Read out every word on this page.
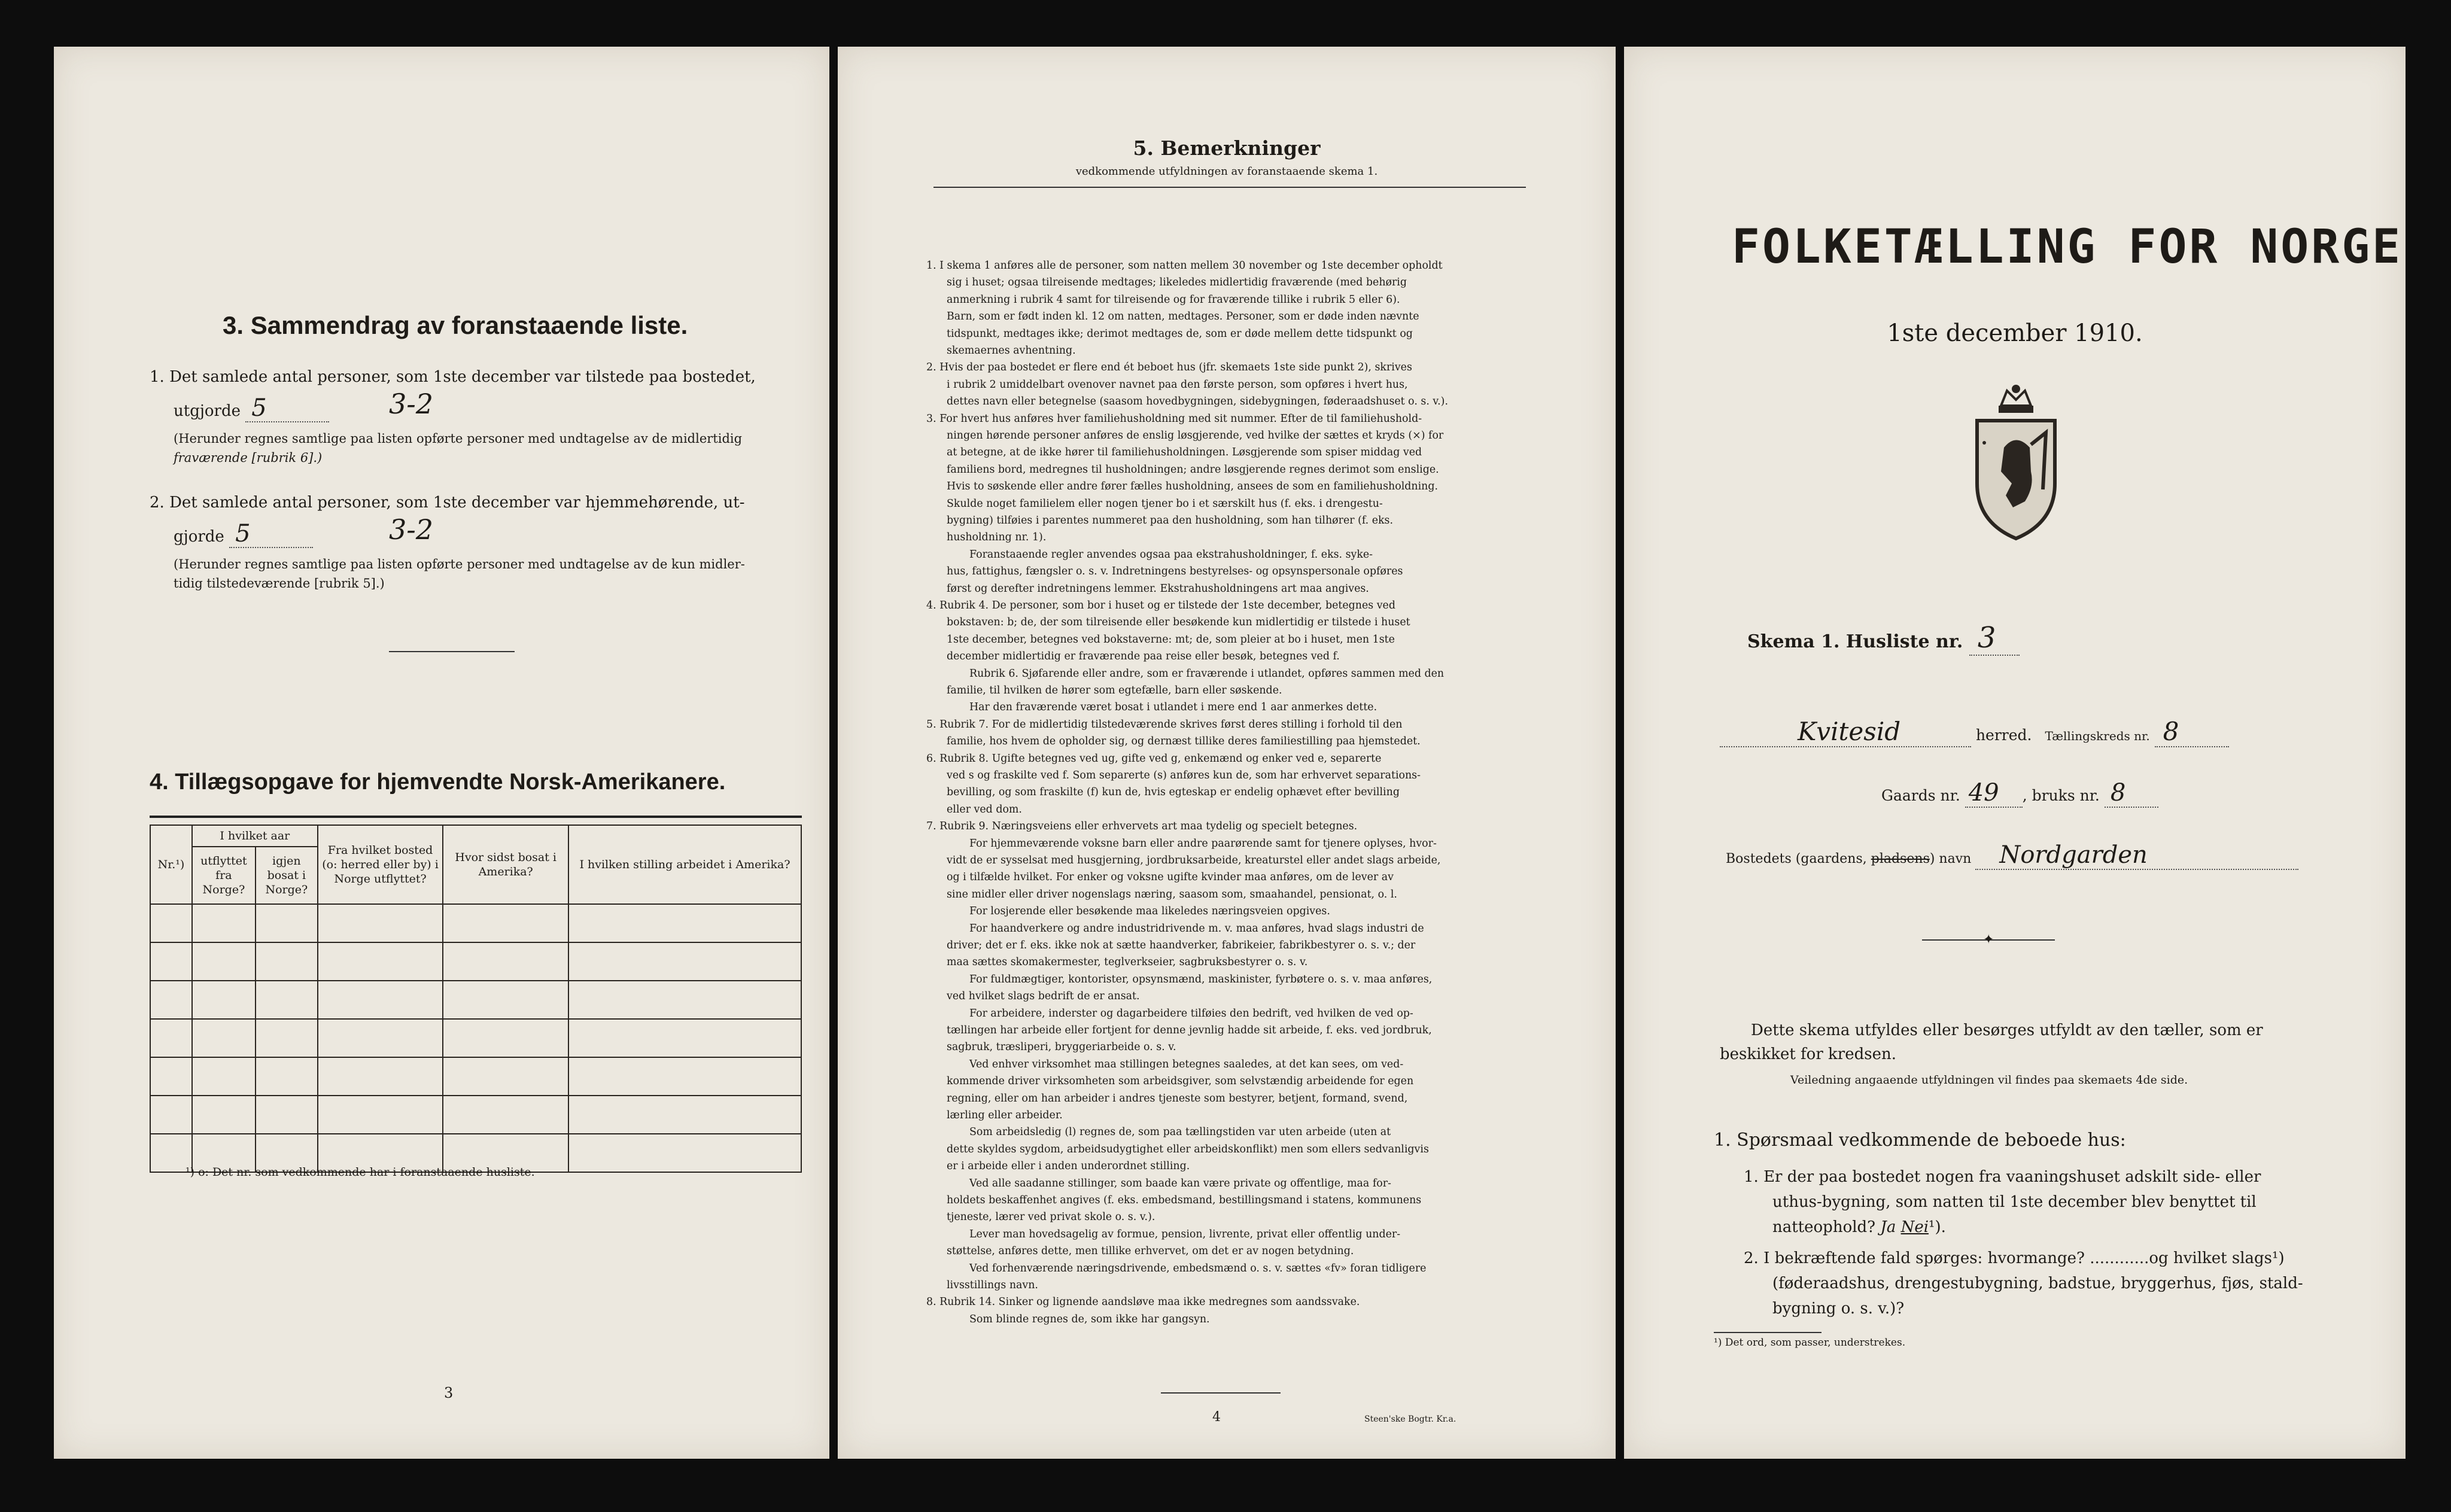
3. Sammendrag av foranstaaende liste.
1. Det samlede antal personer, som 1ste december var tilstede paa bostedet,
utgjorde 5	3-2
(Herunder regnes samtlige paa listen opførte personer med undtagelse av de midlertidig
fraværende [rubrik 6].)
2. Det samlede antal personer, som 1ste december var hjemmehørende, ut-
gjorde 5	3-2
(Herunder regnes samtlige paa listen opførte personer med undtagelse av de kun midler-
tidig tilstedeværende [rubrik 5].)
4. Tillægsopgave for hjemvendte Norsk-Amerikanere.
Nr.¹)	I hvilket aar		Fra hvilket bosted (o: herred eller by) i Norge utflyttet?	Hvor sidst bosat i Amerika?	I hvilken stilling arbeidet i Amerika?
	utflyttet fra Norge?	igjen bosat i Norge?			

¹) o: Det nr. som vedkommende har i foranstaaende husliste.
3
5. Bemerkninger
vedkommende utfyldningen av foranstaaende skema 1.
1. I skema 1 anføres alle de personer, som natten mellem 30 november og 1ste december opholdt
sig i huset; ogsaa tilreisende medtages; likeledes midlertidig fraværende (med behørig
anmerkning i rubrik 4 samt for tilreisende og for fraværende tillike i rubrik 5 eller 6).
Barn, som er født inden kl. 12 om natten, medtages. Personer, som er døde inden nævnte
tidspunkt, medtages ikke; derimot medtages de, som er døde mellem dette tidspunkt og
skemaernes avhentning.
2. Hvis der paa bostedet er flere end ét beboet hus (jfr. skemaets 1ste side punkt 2), skrives
i rubrik 2 umiddelbart ovenover navnet paa den første person, som opføres i hvert hus,
dettes navn eller betegnelse (saasom hovedbygningen, sidebygningen, føderaadshuset o. s. v.).
3. For hvert hus anføres hver familiehusholdning med sit nummer. Efter de til familiehushold-
ningen hørende personer anføres de enslig løsgjerende, ved hvilke der sættes et kryds (×) for
at betegne, at de ikke hører til familiehusholdningen. Løsgjerende som spiser middag ved
familiens bord, medregnes til husholdningen; andre løsgjerende regnes derimot som enslige.
Hvis to søskende eller andre fører fælles husholdning, ansees de som en familiehusholdning.
Skulde noget familielem eller nogen tjener bo i et særskilt hus (f. eks. i drengestu-
bygning) tilføies i parentes nummeret paa den husholdning, som han tilhører (f. eks.
husholdning nr. 1).
Foranstaaende regler anvendes ogsaa paa ekstrahusholdninger, f. eks. syke-
hus, fattighus, fængsler o. s. v. Indretningens bestyrelses- og opsynspersonale opføres
først og derefter indretningens lemmer. Ekstrahusholdningens art maa angives.
4. Rubrik 4. De personer, som bor i huset og er tilstede der 1ste december, betegnes ved
bokstaven: b; de, der som tilreisende eller besøkende kun midlertidig er tilstede i huset
1ste december, betegnes ved bokstaverne: mt; de, som pleier at bo i huset, men 1ste
december midlertidig er fraværende paa reise eller besøk, betegnes ved f.
Rubrik 6. Sjøfarende eller andre, som er fraværende i utlandet, opføres sammen med den
familie, til hvilken de hører som egtefælle, barn eller søskende.
Har den fraværende været bosat i utlandet i mere end 1 aar anmerkes dette.
5. Rubrik 7. For de midlertidig tilstedeværende skrives først deres stilling i forhold til den
familie, hos hvem de opholder sig, og dernæst tillike deres familiestilling paa hjemstedet.
6. Rubrik 8. Ugifte betegnes ved ug, gifte ved g, enkemænd og enker ved e, separerte
ved s og fraskilte ved f. Som separerte (s) anføres kun de, som har erhvervet separations-
bevilling, og som fraskilte (f) kun de, hvis egteskap er endelig ophævet efter bevilling
eller ved dom.
7. Rubrik 9. Næringsveiens eller erhvervets art maa tydelig og specielt betegnes.
For hjemmeværende voksne barn eller andre paarørende samt for tjenere oplyses, hvor-
vidt de er sysselsat med husgjerning, jordbruksarbeide, kreaturstel eller andet slags arbeide,
og i tilfælde hvilket. For enker og voksne ugifte kvinder maa anføres, om de lever av
sine midler eller driver nogenslags næring, saasom som, smaahandel, pensionat, o. l.
For losjerende eller besøkende maa likeledes næringsveien opgives.
For haandverkere og andre industridrivende m. v. maa anføres, hvad slags industri de
driver; det er f. eks. ikke nok at sætte haandverker, fabrikeier, fabrikbestyrer o. s. v.; der
maa sættes skomakermester, teglverkseier, sagbruksbestyrer o. s. v.
For fuldmægtiger, kontorister, opsynsmænd, maskinister, fyrbøtere o. s. v. maa anføres,
ved hvilket slags bedrift de er ansat.
For arbeidere, inderster og dagarbeidere tilføies den bedrift, ved hvilken de ved op-
tællingen har arbeide eller fortjent for denne jevnlig hadde sit arbeide, f. eks. ved jordbruk,
sagbruk, træsliperi, bryggeriarbeide o. s. v.
Ved enhver virksomhet maa stillingen betegnes saaledes, at det kan sees, om ved-
kommende driver virksomheten som arbeidsgiver, som selvstændig arbeidende for egen
regning, eller om han arbeider i andres tjeneste som bestyrer, betjent, formand, svend,
lærling eller arbeider.
Som arbeidsledig (l) regnes de, som paa tællingstiden var uten arbeide (uten at
dette skyldes sygdom, arbeidsudygtighet eller arbeidskonflikt) men som ellers sedvanligvis
er i arbeide eller i anden underordnet stilling.
Ved alle saadanne stillinger, som baade kan være private og offentlige, maa for-
holdets beskaffenhet angives (f. eks. embedsmand, bestillingsmand i statens, kommunens
tjeneste, lærer ved privat skole o. s. v.).
Lever man hovedsagelig av formue, pension, livrente, privat eller offentlig under-
støttelse, anføres dette, men tillike erhvervet, om det er av nogen betydning.
Ved forhenværende næringsdrivende, embedsmænd o. s. v. sættes «fv» foran tidligere
livsstillings navn.
8. Rubrik 14. Sinker og lignende aandsløve maa ikke medregnes som aandssvake.
Som blinde regnes de, som ikke har gangsyn.
4	Steen'ske Bogtr. Kr.a.
FOLKETÆLLING FOR NORGE
1ste december 1910.
Skema 1. Husliste nr. 3
Kvitesid	herred. Tællingskreds nr. 8
Gaards nr. 49 , bruks nr. 8
Bostedets (gaardens, pladsens) navn Nordgarden
✦
Dette skema utfyldes eller besørges utfyldt av den tæller, som er
beskikket for kredsen.
Veiledning angaaende utfyldningen vil findes paa skemaets 4de side.
1. Spørsmaal vedkommende de beboede hus:
1. Er der paa bostedet nogen fra vaaningshuset adskilt side- eller
uthus-bygning, som natten til 1ste december blev benyttet til
natteophold? Ja Nei¹).
2. I bekræftende fald spørges: hvormange? ............og hvilket slags¹)
(føderaadshus, drengestubygning, badstue, bryggerhus, fjøs, stald-
bygning o. s. v.)?
¹) Det ord, som passer, understrekes.
